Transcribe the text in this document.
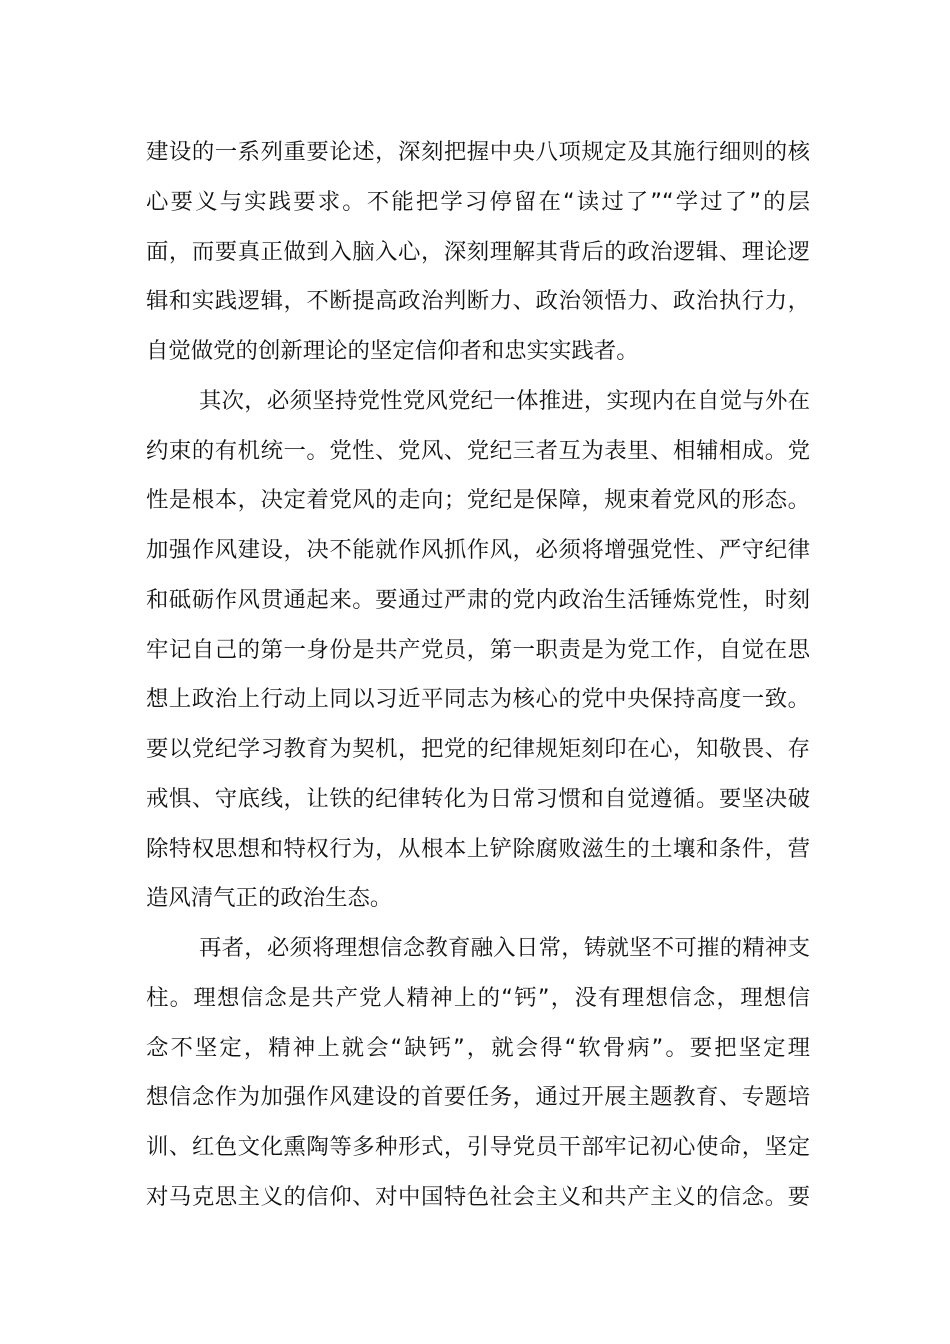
建设的一系列重要论述，深刻把握中央八项规定及其施行细则的核
心要义与实践要求。不能把学习停留在“读过了”“学过了”的层
面，而要真正做到入脑入心，深刻理解其背后的政治逻辑、理论逻
辑和实践逻辑，不断提高政治判断力、政治领悟力、政治执行力，
自觉做党的创新理论的坚定信仰者和忠实实践者。
其次，必须坚持党性党风党纪一体推进，实现内在自觉与外在
约束的有机统一。党性、党风、党纪三者互为表里、相辅相成。党
性是根本，决定着党风的走向；党纪是保障，规束着党风的形态。
加强作风建设，决不能就作风抓作风，必须将增强党性、严守纪律
和砥砺作风贯通起来。要通过严肃的党内政治生活锤炼党性，时刻
牢记自己的第一身份是共产党员，第一职责是为党工作，自觉在思
想上政治上行动上同以习近平同志为核心的党中央保持高度一致。
要以党纪学习教育为契机，把党的纪律规矩刻印在心，知敬畏、存
戒惧、守底线，让铁的纪律转化为日常习惯和自觉遵循。要坚决破
除特权思想和特权行为，从根本上铲除腐败滋生的土壤和条件，营
造风清气正的政治生态。
再者，必须将理想信念教育融入日常，铸就坚不可摧的精神支
柱。理想信念是共产党人精神上的“钙”，没有理想信念，理想信
念不坚定，精神上就会“缺钙”，就会得“软骨病”。要把坚定理
想信念作为加强作风建设的首要任务，通过开展主题教育、专题培
训、红色文化熏陶等多种形式，引导党员干部牢记初心使命，坚定
对马克思主义的信仰、对中国特色社会主义和共产主义的信念。要
